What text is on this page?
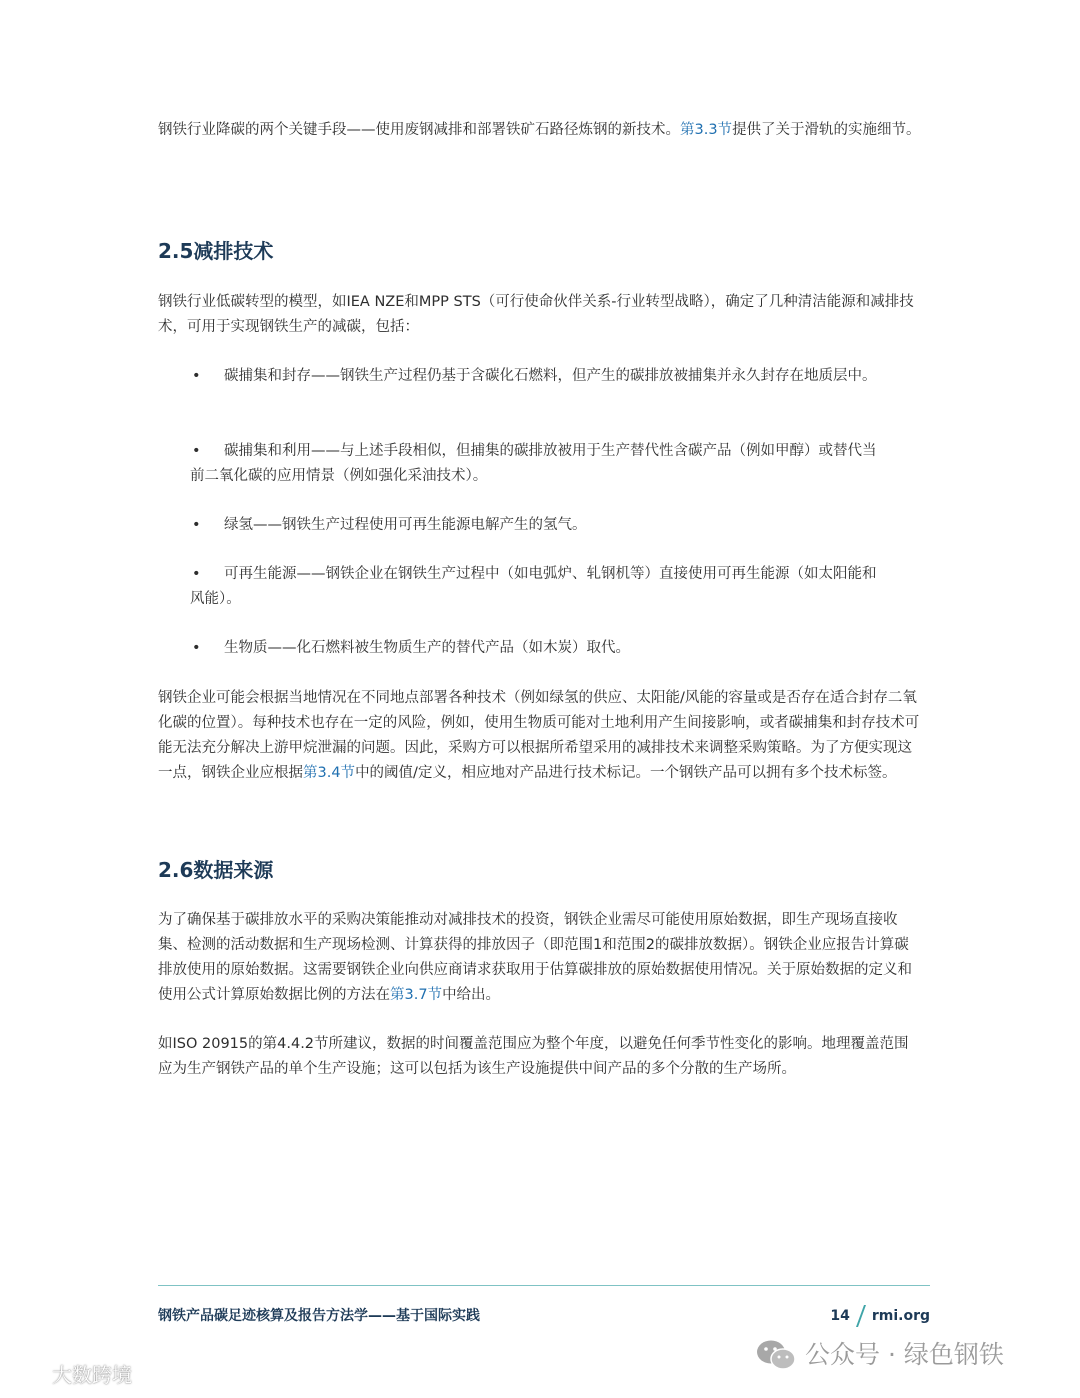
钢铁行业降碳的两个关键手段——使用废钢减排和部署铁矿石路径炼钢的新技术。第3.3节提供了关于滑轨的实施细节。

2.5减排技术

钢铁行业低碳转型的模型，如IEA NZE和MPP STS（可行使命伙伴关系-行业转型战略），确定了几种清洁能源和减排技术，可用于实现钢铁生产的减碳，包括：

• 碳捕集和封存——钢铁生产过程仍基于含碳化石燃料，但产生的碳排放被捕集并永久封存在地质层中。
• 碳捕集和利用——与上述手段相似，但捕集的碳排放被用于生产替代性含碳产品（例如甲醇）或替代当前二氧化碳的应用情景（例如强化采油技术）。
• 绿氢——钢铁生产过程使用可再生能源电解产生的氢气。
• 可再生能源——钢铁企业在钢铁生产过程中（如电弧炉、轧钢机等）直接使用可再生能源（如太阳能和风能）。
• 生物质——化石燃料被生物质生产的替代产品（如木炭）取代。

钢铁企业可能会根据当地情况在不同地点部署各种技术（例如绿氢的供应、太阳能/风能的容量或是否存在适合封存二氧化碳的位置）。每种技术也存在一定的风险，例如，使用生物质可能对土地利用产生间接影响，或者碳捕集和封存技术可能无法充分解决上游甲烷泄漏的问题。因此，采购方可以根据所希望采用的减排技术来调整采购策略。为了方便实现这一点，钢铁企业应根据第3.4节中的阈值/定义，相应地对产品进行技术标记。一个钢铁产品可以拥有多个技术标签。

2.6数据来源

为了确保基于碳排放水平的采购决策能推动对减排技术的投资，钢铁企业需尽可能使用原始数据，即生产现场直接收集、检测的活动数据和生产现场检测、计算获得的排放因子（即范围1和范围2的碳排放数据）。钢铁企业应报告计算碳排放使用的原始数据。这需要钢铁企业向供应商请求获取用于估算碳排放的原始数据使用情况。关于原始数据的定义和使用公式计算原始数据比例的方法在第3.7节中给出。

如ISO 20915的第4.4.2节所建议，数据的时间覆盖范围应为整个年度，以避免任何季节性变化的影响。地理覆盖范围应为生产钢铁产品的单个生产设施；这可以包括为该生产设施提供中间产品的多个分散的生产场所。

钢铁产品碳足迹核算及报告方法学——基于国际实践	14 rmi.org
公众号 · 绿色钢铁
大数跨境
